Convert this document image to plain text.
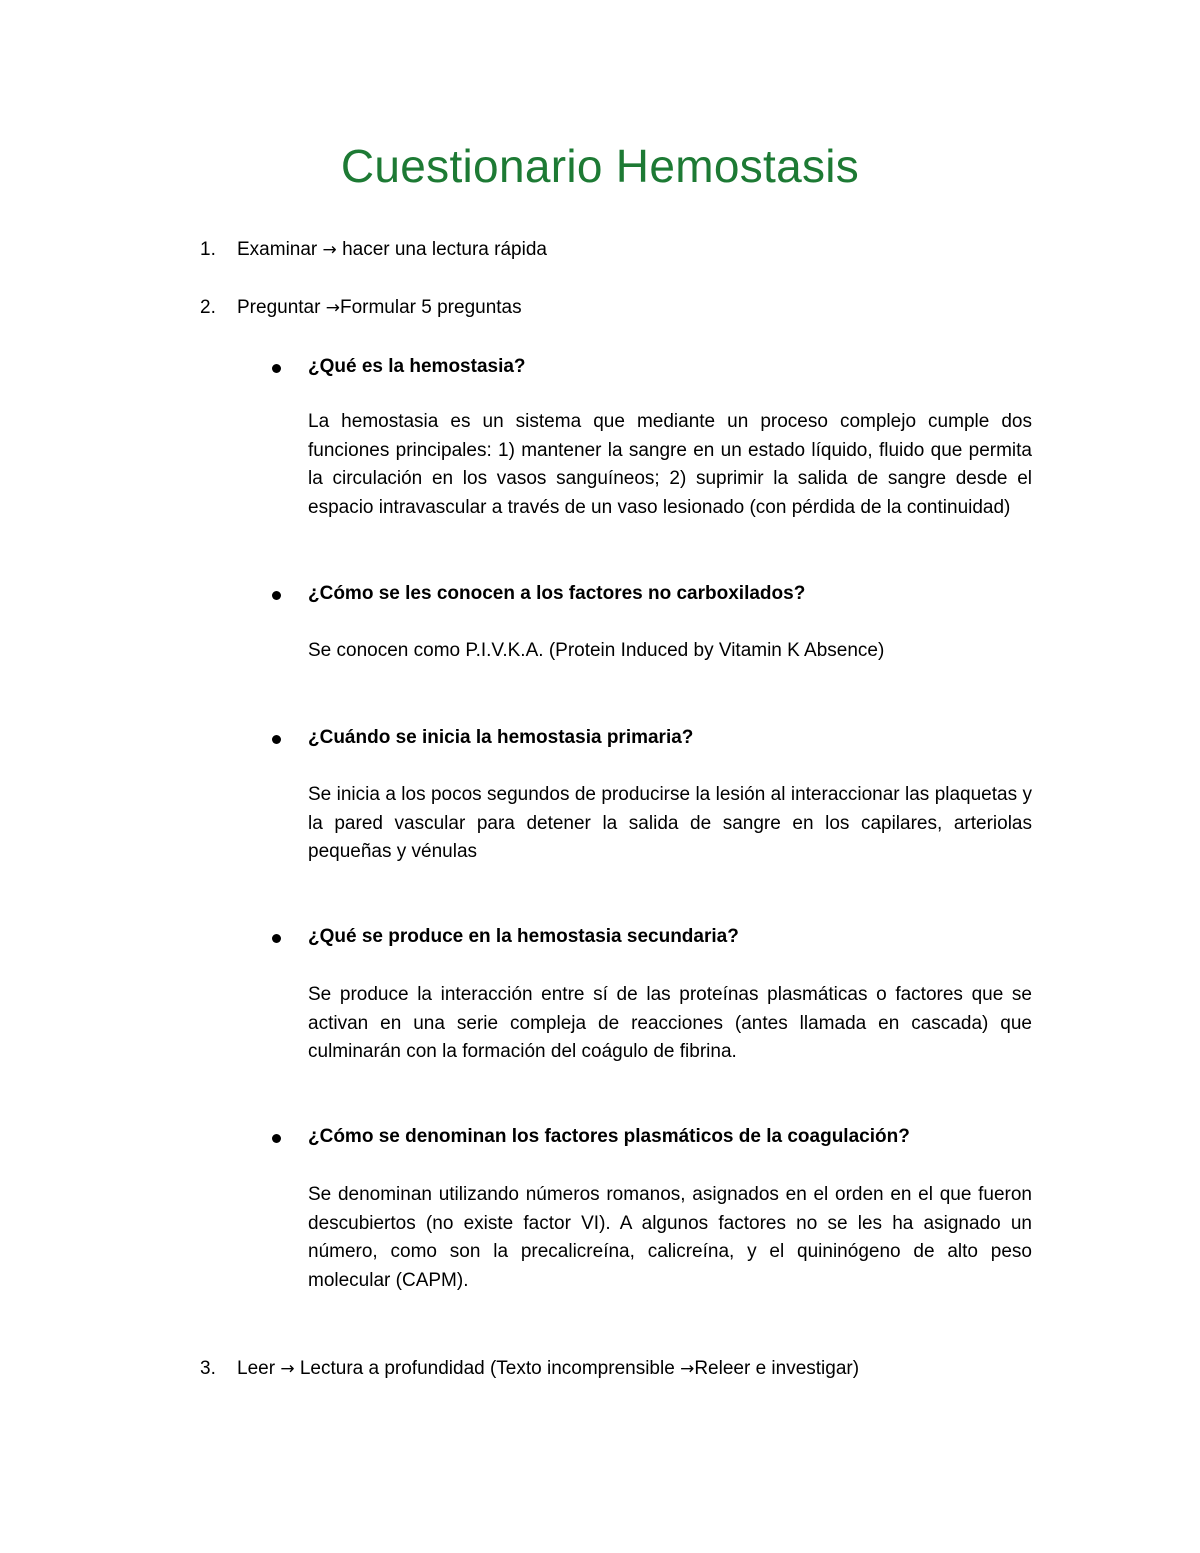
Cuestionario Hemostasis
1. Examinar → hacer una lectura rápida
2. Preguntar →Formular 5 preguntas
¿Qué es la hemostasia?
La hemostasia es un sistema que mediante un proceso complejo cumple dos funciones principales: 1) mantener la sangre en un estado líquido, fluido que permita la circulación en los vasos sanguíneos; 2) suprimir la salida de sangre desde el espacio intravascular a través de un vaso lesionado (con pérdida de la continuidad)
¿Cómo se les conocen a los factores no carboxilados?
Se conocen como P.I.V.K.A. (Protein Induced by Vitamin K Absence)
¿Cuándo se inicia la hemostasia primaria?
Se inicia a los pocos segundos de producirse la lesión al interaccionar las plaquetas y la pared vascular para detener la salida de sangre en los capilares, arteriolas pequeñas y vénulas
¿Qué se produce en la hemostasia secundaria?
Se produce la interacción entre sí de las proteínas plasmáticas o factores que se activan en una serie compleja de reacciones (antes llamada en cascada) que culminarán con la formación del coágulo de fibrina.
¿Cómo se denominan los factores plasmáticos de la coagulación?
Se denominan utilizando números romanos, asignados en el orden en el que fueron descubiertos (no existe factor VI). A algunos factores no se les ha asignado un número, como son la precalicreína, calicreína, y el quininógeno de alto peso molecular (CAPM).
3. Leer → Lectura a profundidad (Texto incomprensible →Releer e investigar)
